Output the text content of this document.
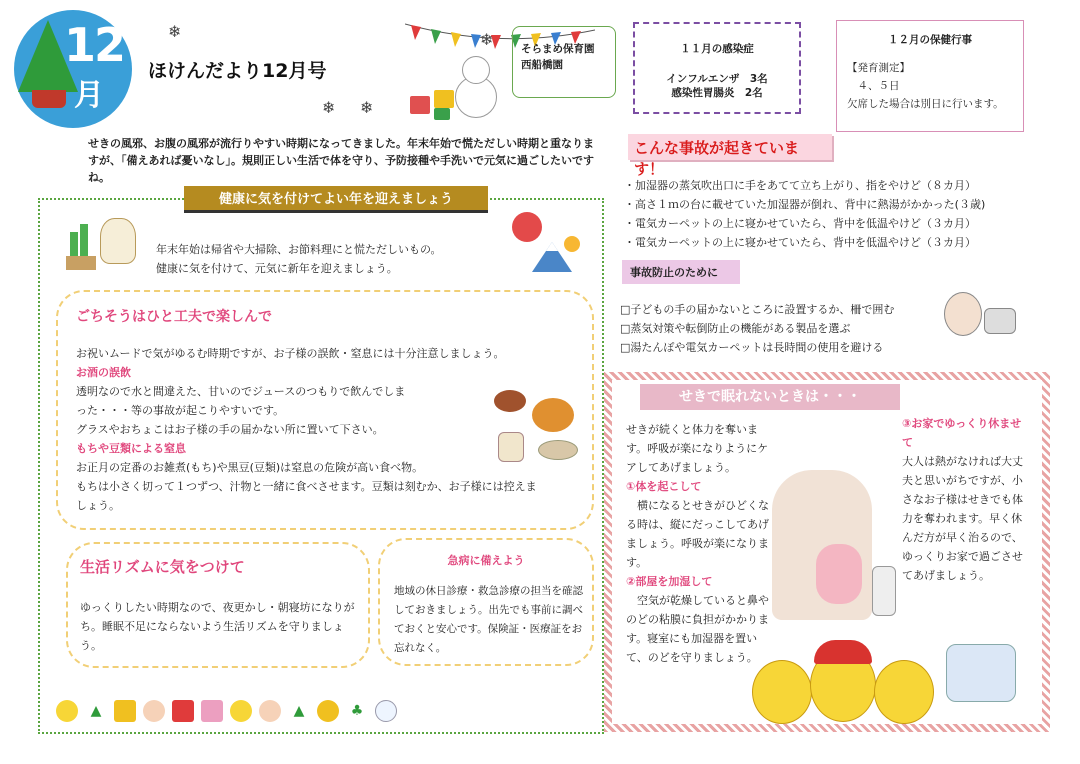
12
月
ほけんだより12月号
❄
❄ ❄
❄	そらまめ保育園
西船橋園
１１月の感染症
インフルエンザ　3名
感染性胃腸炎　2名
１２月の保健行事
【発育測定】
　４、５日
欠席した場合は別日に行います。
せきの風邪、お腹の風邪が流行りやすい時期になってきました。年末年始で慌ただしい時期と重なりますが、「備えあれば憂いなし」。規則正しい生活で体を守り、予防接種や手洗いで元気に過ごしたいですね。
こんな事故が起きています！
・加湿器の蒸気吹出口に手をあてて立ち上がり、指をやけど（８カ月）
・高さ１ｍの台に載せていた加湿器が倒れ、背中に熱湯がかかった(３歳)
・電気カーペットの上に寝かせていたら、背中を低温やけど（３カ月）
・電気カーペットの上に寝かせていたら、背中を低温やけど（３カ月）
事故防止のために
□子どもの手の届かないところに設置するか、柵で囲む
□蒸気対策や転倒防止の機能がある製品を選ぶ
□湯たんぽや電気カーペットは長時間の使用を避ける
健康に気を付けてよい年を迎えましょう
年末年始は帰省や大掃除、お節料理にと慌ただしいもの。
健康に気を付けて、元気に新年を迎えましょう。
ごちそうはひと工夫で楽しんで
お祝いムードで気がゆるむ時期ですが、お子様の誤飲・窒息には十分注意しましょう。
お酒の誤飲
透明なので水と間違えた、甘いのでジュースのつもりで飲んでしま
った・・・等の事故が起こりやすいです。
グラスやおちょこはお子様の手の届かない所に置いて下さい。
もちや豆類による窒息
お正月の定番のお雑煮(もち)や黒豆(豆類)は窒息の危険が高い食べ物。
もちは小さく切って１つずつ、汁物と一緒に食べさせます。豆類は刻むか、お子様には控えま
しょう。
生活リズムに気をつけて
ゆっくりしたい時期なので、夜更かし・朝寝坊になりがち。睡眠不足にならないよう生活リズムを守りましょう。
急病に備えよう
地域の休日診療・救急診療の担当を確認しておきましょう。出先でも事前に調べておくと安心です。保険証・医療証をお忘れなく。
▲	▲	♣
せきで眠れないときは・・・
せきが続くと体力を奪います。呼吸が楽になりようにケアしてあげましょう。
①体を起こして
　横になるとせきがひどくなる時は、縦にだっこしてあげましょう。呼吸が楽になります。
②部屋を加湿して
　空気が乾燥していると鼻やのどの粘膜に負担がかかります。寝室にも加湿器を置いて、のどを守りましょう。
③お家でゆっくり休ませて
大人は熱がなければ大丈夫と思いがちですが、小さなお子様はせきでも体力を奪われます。早く休んだ方が早く治るので、ゆっくりお家で過ごさせてあげましょう。
